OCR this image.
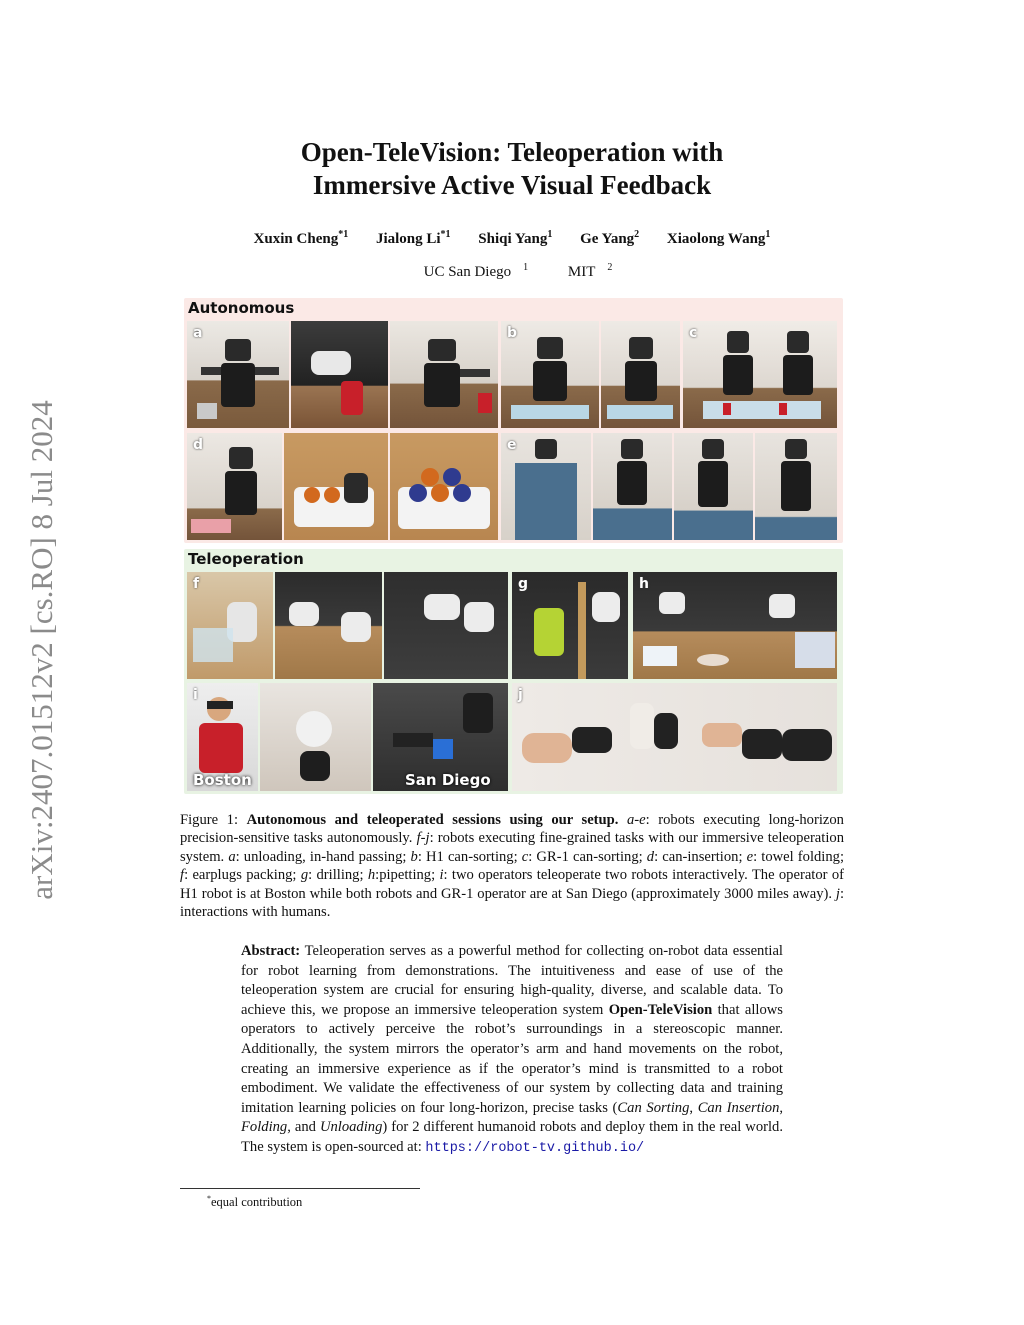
arXiv:2407.01512v2 [cs.RO] 8 Jul 2024
Open-TeleVision: Teleoperation with
Immersive Active Visual Feedback
Xuxin Cheng$^{*1}$ Jialong Li$^{*1}$ Shiqi Yang$^1$ Ge Yang$^2$ Xiaolong Wang$^1$
UC San Diego $^1$	MIT $^2$
Autonomous
Teleoperation
a	b	c
d	e
f	g	h
i
Boston	San Diego
j
Figure 1: Autonomous and teleoperated sessions using our setup. a-e: robots executing long-horizon precision-sensitive tasks autonomously. f-j: robots executing fine-grained tasks with our immersive teleoperation system. a: unloading, in-hand passing; b: H1 can-sorting; c: GR-1 can-sorting; d: can-insertion; e: towel folding; f: earplugs packing; g: drilling; h:pipetting; i: two operators teleoperate two robots interactively. The operator of H1 robot is at Boston while both robots and GR-1 operator are at San Diego (approximately 3000 miles away). j: interactions with humans.
Abstract: Teleoperation serves as a powerful method for collecting on-robot data essential for robot learning from demonstrations. The intuitiveness and ease of use of the teleoperation system are crucial for ensuring high-quality, diverse, and scalable data. To achieve this, we propose an immersive teleoperation system Open-TeleVision that allows operators to actively perceive the robot’s surroundings in a stereoscopic manner. Additionally, the system mirrors the operator’s arm and hand movements on the robot, creating an immersive experience as if the operator’s mind is transmitted to a robot embodiment. We validate the effectiveness of our system by collecting data and training imitation learning policies on four long-horizon, precise tasks (Can Sorting, Can Insertion, Folding, and Unloading) for 2 different humanoid robots and deploy them in the real world. The system is open-sourced at: https://robot-tv.github.io/
*equal contribution
